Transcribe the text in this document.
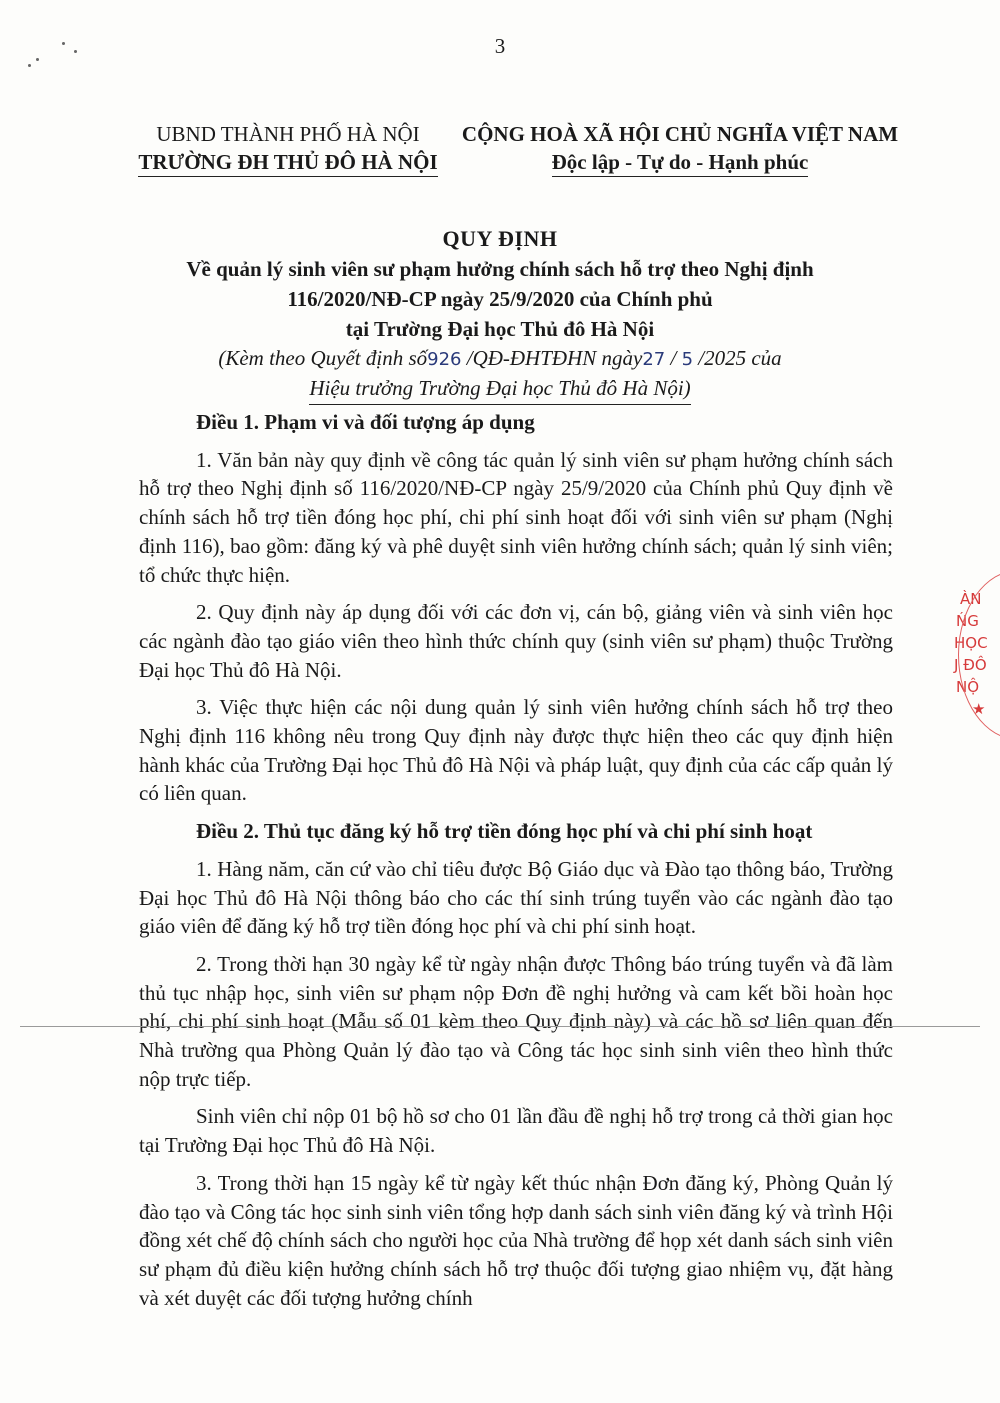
3
UBND THÀNH PHỐ HÀ NỘI
TRƯỜNG ĐH THỦ ĐÔ HÀ NỘI
CỘNG HOÀ XÃ HỘI CHỦ NGHĨA VIỆT NAM
Độc lập - Tự do - Hạnh phúc
QUY ĐỊNH
Về quản lý sinh viên sư phạm hưởng chính sách hỗ trợ theo Nghị định
116/2020/NĐ-CP ngày 25/9/2020 của Chính phủ
tại Trường Đại học Thủ đô Hà Nội
(Kèm theo Quyết định số926 /QĐ-ĐHTĐHN ngày27 / 5 /2025 của
Hiệu trưởng Trường Đại học Thủ đô Hà Nội)

Điều 1. Phạm vi và đối tượng áp dụng

1. Văn bản này quy định về công tác quản lý sinh viên sư phạm hưởng chính sách hỗ trợ theo Nghị định số 116/2020/NĐ-CP ngày 25/9/2020 của Chính phủ Quy định về chính sách hỗ trợ tiền đóng học phí, chi phí sinh hoạt đối với sinh viên sư phạm (Nghị định 116), bao gồm: đăng ký và phê duyệt sinh viên hưởng chính sách; quản lý sinh viên; tổ chức thực hiện.

2. Quy định này áp dụng đối với các đơn vị, cán bộ, giảng viên và sinh viên học các ngành đào tạo giáo viên theo hình thức chính quy (sinh viên sư phạm) thuộc Trường Đại học Thủ đô Hà Nội.

3. Việc thực hiện các nội dung quản lý sinh viên hưởng chính sách hỗ trợ theo Nghị định 116 không nêu trong Quy định này được thực hiện theo các quy định hiện hành khác của Trường Đại học Thủ đô Hà Nội và pháp luật, quy định của các cấp quản lý có liên quan.

Điều 2. Thủ tục đăng ký hỗ trợ tiền đóng học phí và chi phí sinh hoạt

1. Hàng năm, căn cứ vào chỉ tiêu được Bộ Giáo dục và Đào tạo thông báo, Trường Đại học Thủ đô Hà Nội thông báo cho các thí sinh trúng tuyển vào các ngành đào tạo giáo viên để đăng ký hỗ trợ tiền đóng học phí và chi phí sinh hoạt.

2. Trong thời hạn 30 ngày kể từ ngày nhận được Thông báo trúng tuyển và đã làm thủ tục nhập học, sinh viên sư phạm nộp Đơn đề nghị hưởng và cam kết bồi hoàn học phí, chi phí sinh hoạt (Mẫu số 01 kèm theo Quy định này) và các hồ sơ liên quan đến Nhà trường qua Phòng Quản lý đào tạo và Công tác học sinh sinh viên theo hình thức nộp trực tiếp.

Sinh viên chỉ nộp 01 bộ hồ sơ cho 01 lần đầu đề nghị hỗ trợ trong cả thời gian học tại Trường Đại học Thủ đô Hà Nội.

3. Trong thời hạn 15 ngày kể từ ngày kết thúc nhận Đơn đăng ký, Phòng Quản lý đào tạo và Công tác học sinh sinh viên tổng hợp danh sách sinh viên đăng ký và trình Hội đồng xét chế độ chính sách cho người học của Nhà trường để họp xét danh sách sinh viên sư phạm đủ điều kiện hưởng chính sách hỗ trợ thuộc đối tượng giao nhiệm vụ, đặt hàng và xét duyệt các đối tượng hưởng chính

ÀN
ŃG
HỌC
J ĐÔ
NỘ
★
